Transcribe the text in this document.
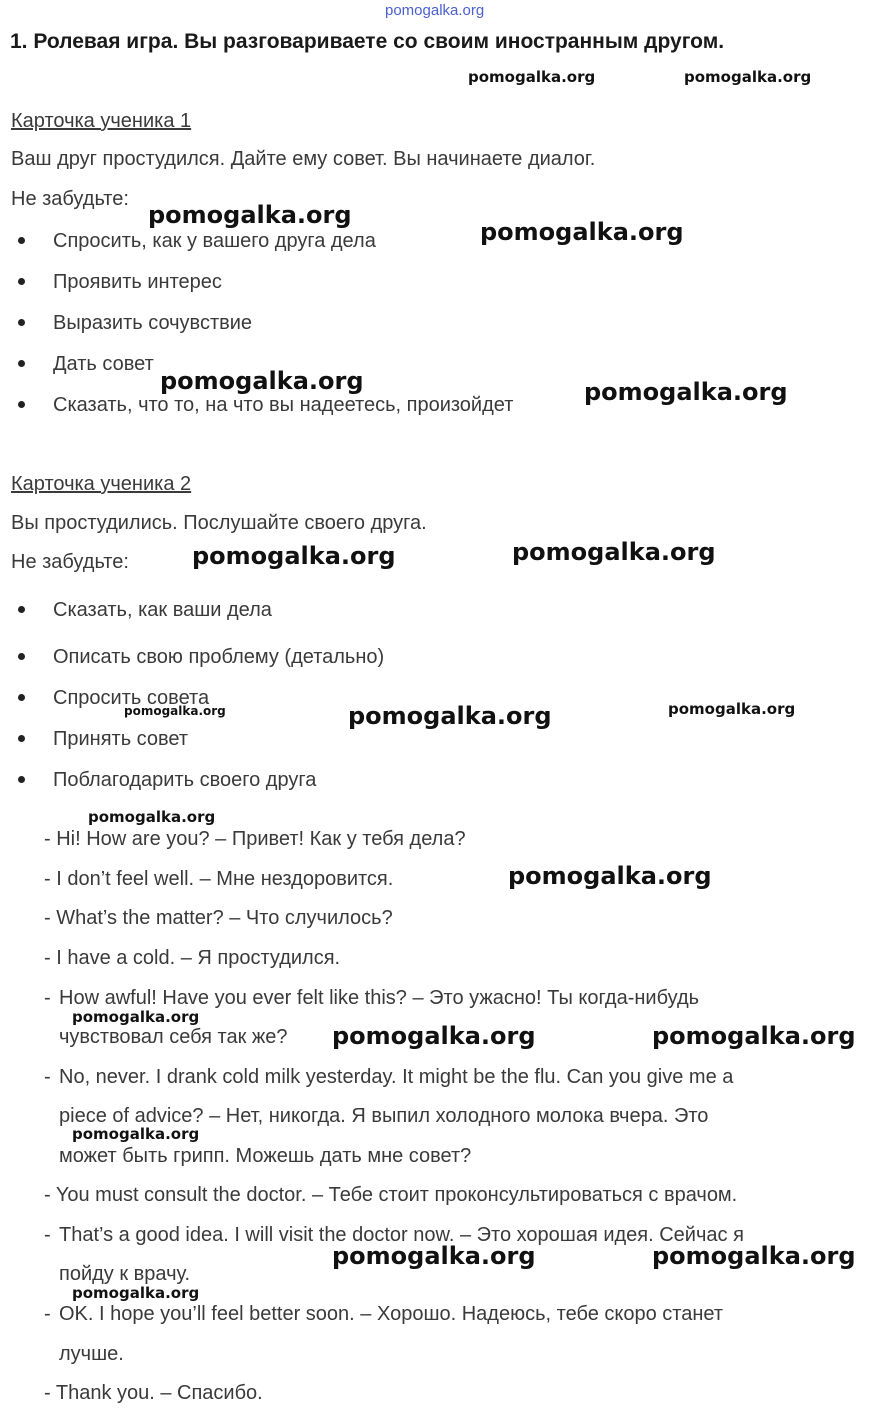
pomogalka.org
1. Ролевая игра. Вы разговариваете со своим иностранным другом.
Карточка ученика 1
Ваш друг простудился. Дайте ему совет. Вы начинаете диалог.
Не забудьте:
Спросить, как у вашего друга дела
Проявить интерес
Выразить сочувствие
Дать совет
Сказать, что то, на что вы надеетесь, произойдет
Карточка ученика 2
Вы простудились. Послушайте своего друга.
Не забудьте:
Сказать, как ваши дела
Описать свою проблему (детально)
Спросить совета
Принять совет
Поблагодарить своего друга
- Hi! How are you? – Привет! Как у тебя дела?
- I don’t feel well. – Мне нездоровится.
- What’s the matter? – Что случилось?
- I have a cold. – Я простудился.
- How awful! Have you ever felt like this? – Это ужасно! Ты когда-нибудь
чувствовал себя так же?
- No, never. I drank cold milk yesterday. It might be the flu. Can you give me a
piece of advice? – Нет, никогда. Я выпил холодного молока вчера. Это
может быть грипп. Можешь дать мне совет?
- You must consult the doctor. – Тебе стоит проконсультироваться с врачом.
- That’s a good idea. I will visit the doctor now. – Это хорошая идея. Сейчас я
пойду к врачу.
- OK. I hope you’ll feel better soon. – Хорошо. Надеюсь, тебе скоро станет
лучше.
- Thank you. – Спасибо.
pomogalka.org	pomogalka.org
pomogalka.org
pomogalka.org
pomogalka.org	pomogalka.org
pomogalka.org	pomogalka.org
pomogalka.org	pomogalka.org	pomogalka.org
pomogalka.org
pomogalka.org
pomogalka.org
pomogalka.org	pomogalka.org
pomogalka.org
pomogalka.org	pomogalka.org
pomogalka.org
